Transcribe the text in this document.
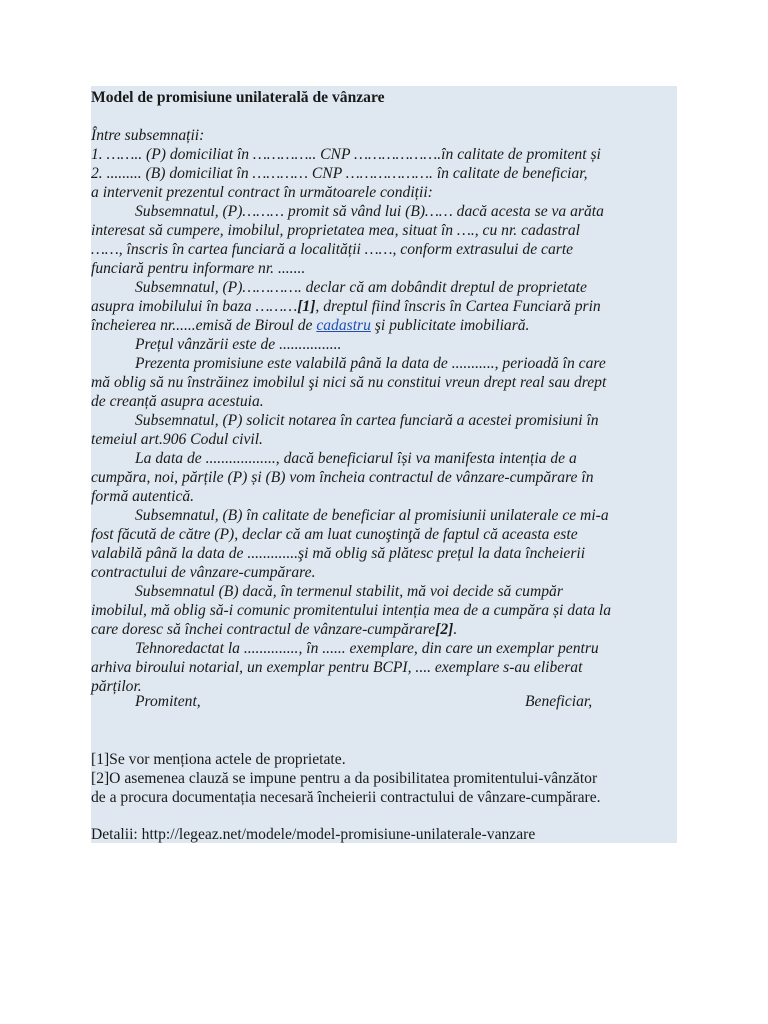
Model de promisiune unilaterală de vânzare
Între subsemnații:
1. …….. (P) domiciliat în ………….. CNP ……………….în calitate de promitent și
2. ......... (B) domiciliat în ………… CNP ………………. în calitate de beneficiar,
a intervenit prezentul contract în următoarele condiții:
Subsemnatul, (P)……… promit să vând lui (B)…… dacă acesta se va arăta
interesat să cumpere, imobilul, proprietatea mea, situat în …., cu nr. cadastral
……, înscris în cartea funciară a localității ……, conform extrasului de carte
funciară pentru informare nr. .......
Subsemnatul, (P)…………. declar că am dobândit dreptul de proprietate
asupra imobilului în baza ………[1], dreptul fiind înscris în Cartea Funciară prin
încheierea nr......emisă de Biroul de cadastru şi publicitate imobiliară.
Prețul vânzării este de ................
Prezenta promisiune este valabilă până la data de ..........., perioadă în care
mă oblig să nu înstrăinez imobilul şi nici să nu constitui vreun drept real sau drept
de creanță asupra acestuia.
Subsemnatul, (P) solicit notarea în cartea funciară a acestei promisiuni în
temeiul art.906 Codul civil.
La data de .................., dacă beneficiarul își va manifesta intenția de a
cumpăra, noi, părțile (P) și (B) vom încheia contractul de vânzare-cumpărare în
formă autentică.
Subsemnatul, (B) în calitate de beneficiar al promisiunii unilaterale ce mi-a
fost făcută de către (P), declar că am luat cunoştinţă de faptul că aceasta este
valabilă până la data de .............şi mă oblig să plătesc prețul la data încheierii
contractului de vânzare-cumpărare.
Subsemnatul (B) dacă, în termenul stabilit, mă voi decide să cumpăr
imobilul, mă oblig să-i comunic promitentului intenția mea de a cumpăra și data la
care doresc să închei contractul de vânzare-cumpărare[2].
Tehnoredactat la .............., în ...... exemplare, din care un exemplar pentru
arhiva biroului notarial, un exemplar pentru BCPI, .... exemplare s-au eliberat
părților.
Promitent,	Beneficiar,
[1]Se vor menționa actele de proprietate.
[2]O asemenea clauză se impune pentru a da posibilitatea promitentului-vânzător
de a procura documentația necesară încheierii contractului de vânzare-cumpărare.
Detalii: http://legeaz.net/modele/model-promisiune-unilaterale-vanzare
